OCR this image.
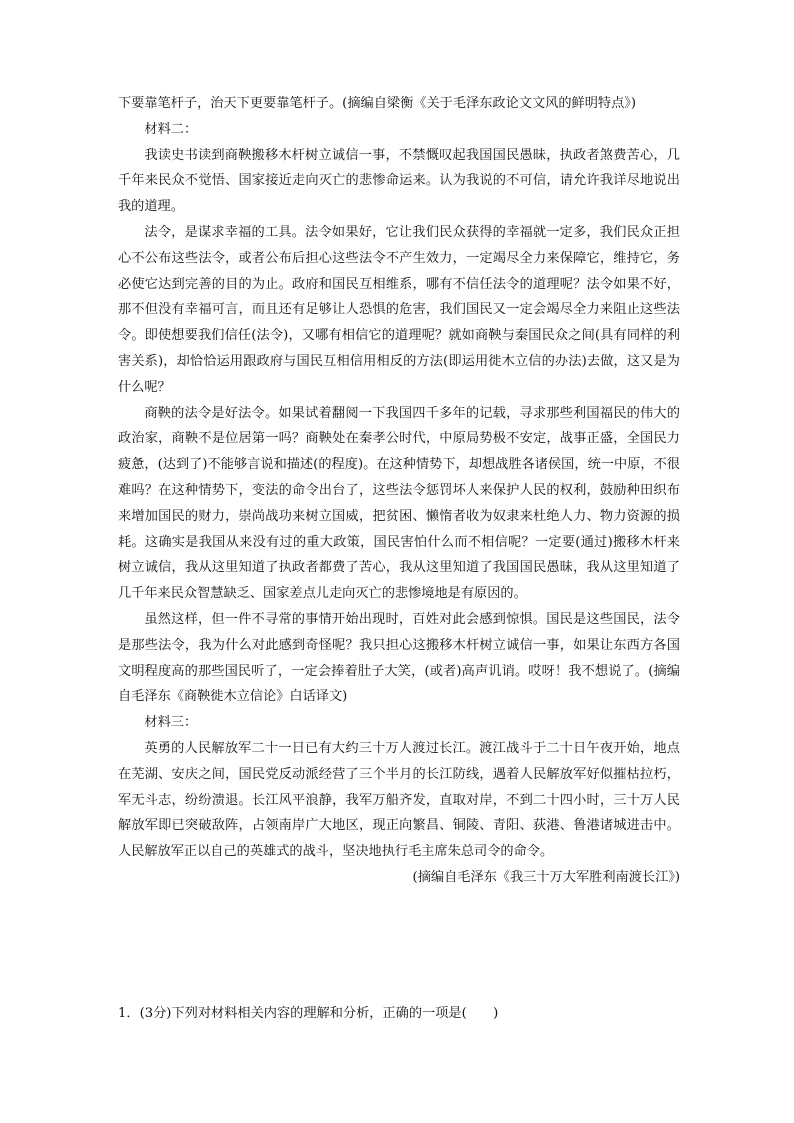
下要靠笔杆子，治天下更要靠笔杆子。(摘编自梁衡《关于毛泽东政论文文风的鲜明特点》)

材料二：

我读史书读到商鞅搬移木杆树立诚信一事，不禁慨叹起我国国民愚昧，执政者煞费苦心，几千年来民众不觉悟、国家接近走向灭亡的悲惨命运来。认为我说的不可信，请允许我详尽地说出我的道理。

法令，是谋求幸福的工具。法令如果好，它让我们民众获得的幸福就一定多，我们民众正担心不公布这些法令，或者公布后担心这些法令不产生效力，一定竭尽全力来保障它，维持它，务必使它达到完善的目的为止。政府和国民互相维系，哪有不信任法令的道理呢？法令如果不好，那不但没有幸福可言，而且还有足够让人恐惧的危害，我们国民又一定会竭尽全力来阻止这些法令。即使想要我们信任(法令)，又哪有相信它的道理呢？就如商鞅与秦国民众之间(具有同样的利害关系)，却恰恰运用跟政府与国民互相信用相反的方法(即运用徙木立信的办法)去做，这又是为什么呢？

商鞅的法令是好法令。如果试着翻阅一下我国四千多年的记载，寻求那些利国福民的伟大的政治家，商鞅不是位居第一吗？商鞅处在秦孝公时代，中原局势极不安定，战事正盛，全国民力疲惫，(达到了)不能够言说和描述(的程度)。在这种情势下，却想战胜各诸侯国，统一中原，不很难吗？在这种情势下，变法的命令出台了，这些法令惩罚坏人来保护人民的权利，鼓励种田织布来增加国民的财力，崇尚战功来树立国威，把贫困、懒惰者收为奴隶来杜绝人力、物力资源的损耗。这确实是我国从来没有过的重大政策，国民害怕什么而不相信呢？一定要(通过)搬移木杆来树立诚信，我从这里知道了执政者都费了苦心，我从这里知道了我国国民愚昧，我从这里知道了几千年来民众智慧缺乏、国家差点儿走向灭亡的悲惨境地是有原因的。

虽然这样，但一件不寻常的事情开始出现时，百姓对此会感到惊惧。国民是这些国民，法令是那些法令，我为什么对此感到奇怪呢？我只担心这搬移木杆树立诚信一事，如果让东西方各国文明程度高的那些国民听了，一定会捧着肚子大笑，(或者)高声讥诮。哎呀！我不想说了。(摘编自毛泽东《商鞅徙木立信论》白话译文)

材料三：

英勇的人民解放军二十一日已有大约三十万人渡过长江。渡江战斗于二十日午夜开始，地点在芜湖、安庆之间，国民党反动派经营了三个半月的长江防线，遇着人民解放军好似摧枯拉朽，军无斗志，纷纷溃退。长江风平浪静，我军万船齐发，直取对岸，不到二十四小时，三十万人民解放军即已突破敌阵，占领南岸广大地区，现正向繁昌、铜陵、青阳、荻港、鲁港诸城进击中。人民解放军正以自己的英雄式的战斗，坚决地执行毛主席朱总司令的命令。

(摘编自毛泽东《我三十万大军胜利南渡长江》)

1．(3分)下列对材料相关内容的理解和分析，正确的一项是(　　)
